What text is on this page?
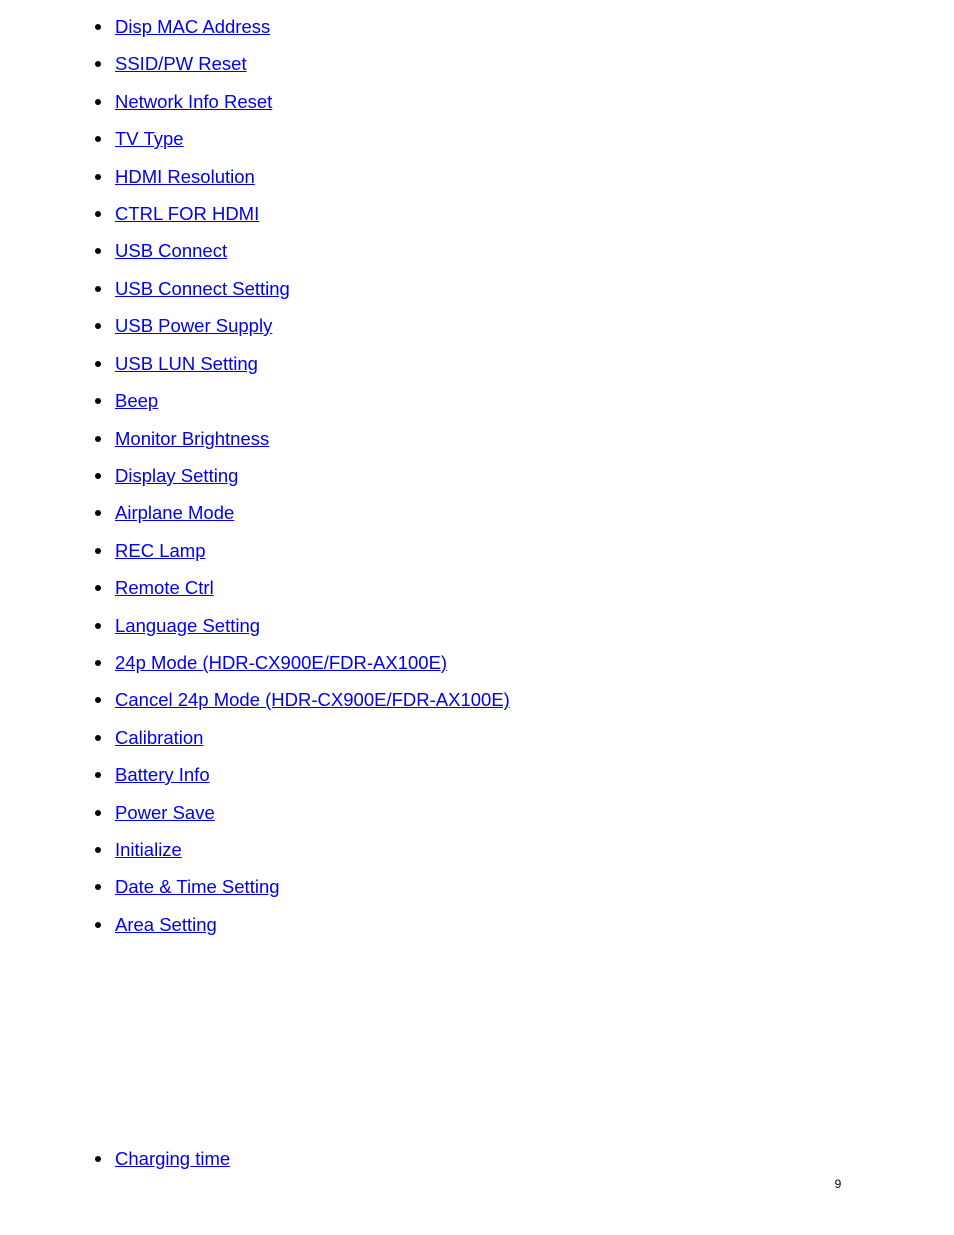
Disp MAC Address
SSID/PW Reset
Network Info Reset
TV Type
HDMI Resolution
CTRL FOR HDMI
USB Connect
USB Connect Setting
USB Power Supply
USB LUN Setting
Beep
Monitor Brightness
Display Setting
Airplane Mode
REC Lamp
Remote Ctrl
Language Setting
24p Mode (HDR-CX900E/FDR-AX100E)
Cancel 24p Mode (HDR-CX900E/FDR-AX100E)
Calibration
Battery Info
Power Save
Initialize
Date & Time Setting
Area Setting
Charging time
9
